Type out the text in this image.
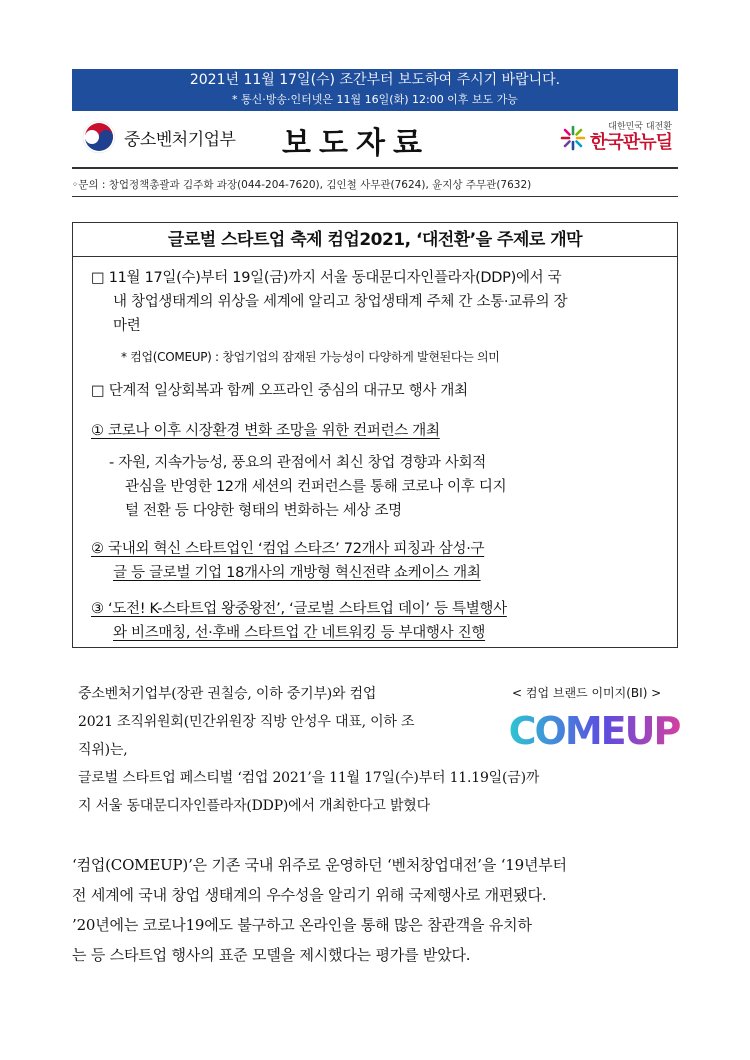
2021년 11월 17일(수) 조간부터 보도하여 주시기 바랍니다.
* 통신·방송·인터넷은 11월 16일(화) 12:00 이후 보도 가능
중소벤처기업부 보도자료	대한민국 대전환
한국판뉴딜
◦문의 : 창업정책총괄과 김주화 과장(044-204-7620), 김인철 사무관(7624), 윤지상 주무관(7632)
글로벌 스타트업 축제 컴업2021, ‘대전환’을 주제로 개막
□ 11월 17일(수)부터 19일(금)까지 서울 동대문디자인플라자(DDP)에서 국
내 창업생태계의 위상을 세계에 알리고 창업생태계 주체 간 소통·교류의 장
마련
* 컴업(COMEUP) : 창업기업의 잠재된 가능성이 다양하게 발현된다는 의미
□ 단계적 일상회복과 함께 오프라인 중심의 대규모 행사 개최
① 코로나 이후 시장환경 변화 조망을 위한 컨퍼런스 개최
- 자원, 지속가능성, 풍요의 관점에서 최신 창업 경향과 사회적
관심을 반영한 12개 세션의 컨퍼런스를 통해 코로나 이후 디지
털 전환 등 다양한 형태의 변화하는 세상 조명
② 국내외 혁신 스타트업인 ‘컴업 스타즈’ 72개사 피칭과 삼성·구
글 등 글로벌 기업 18개사의 개방형 혁신전략 쇼케이스 개최
③ ‘도전! K-스타트업 왕중왕전’, ‘글로벌 스타트업 데이’ 등 특별행사
와 비즈매칭, 선·후배 스타트업 간 네트워킹 등 부대행사 진행
< 컴업 브랜드 이미지(BI) >
COMEUP
중소벤처기업부(장관 권칠승, 이하 중기부)와 컴업
2021 조직위원회(민간위원장 직방 안성우 대표, 이하 조
직위)는,
글로벌 스타트업 페스티벌 ‘컴업 2021’을 11월 17일(수)부터 11.19일(금)까
지 서울 동대문디자인플라자(DDP)에서 개최한다고 밝혔다
‘컴업(COMEUP)’은 기존 국내 위주로 운영하던 ‘벤처창업대전’을 ‘19년부터
전 세계에 국내 창업 생태계의 우수성을 알리기 위해 국제행사로 개편됐다.
’20년에는 코로나19에도 불구하고 온라인을 통해 많은 참관객을 유치하
는 등 스타트업 행사의 표준 모델을 제시했다는 평가를 받았다.
